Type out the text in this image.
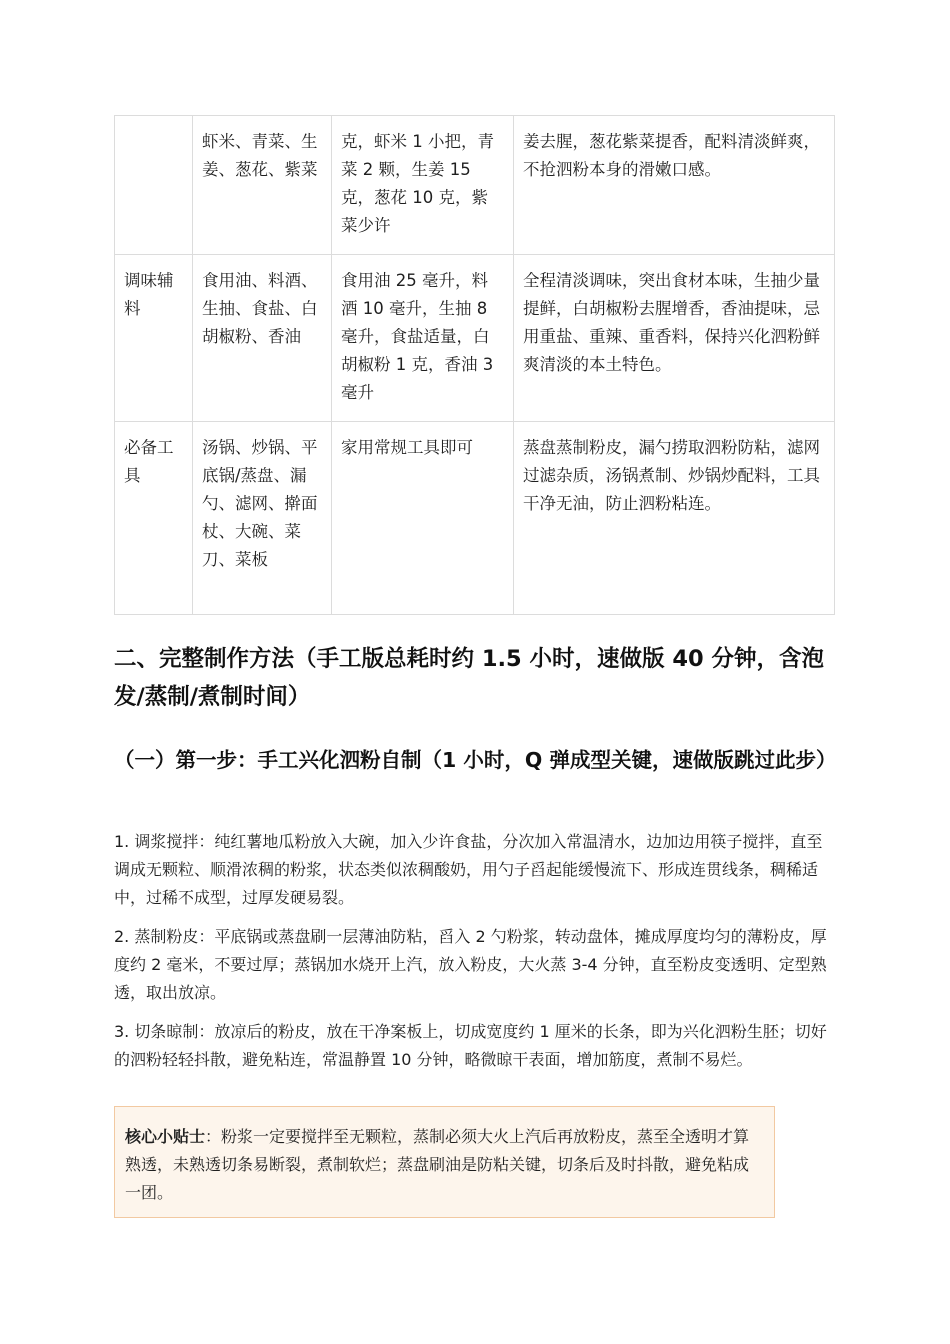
	虾米、青菜、生姜、葱花、紫菜	克，虾米 1 小把，青菜 2 颗，生姜 15 克，葱花 10 克，紫菜少许	姜去腥，葱花紫菜提香，配料清淡鲜爽，不抢泗粉本身的滑嫩口感。
调味辅料	食用油、料酒、生抽、食盐、白胡椒粉、香油	食用油 25 毫升，料酒 10 毫升，生抽 8 毫升，食盐适量，白胡椒粉 1 克，香油 3 毫升	全程清淡调味，突出食材本味，生抽少量提鲜，白胡椒粉去腥增香，香油提味，忌用重盐、重辣、重香料，保持兴化泗粉鲜爽清淡的本土特色。
必备工具	汤锅、炒锅、平底锅/蒸盘、漏勺、滤网、擀面杖、大碗、菜刀、菜板	家用常规工具即可	蒸盘蒸制粉皮，漏勺捞取泗粉防粘，滤网过滤杂质，汤锅煮制、炒锅炒配料，工具干净无油，防止泗粉粘连。
二、完整制作方法（手工版总耗时约 1.5 小时，速做版 40 分钟，含泡发/蒸制/煮制时间）
（一）第一步：手工兴化泗粉自制（1 小时，Q 弹成型关键，速做版跳过此步）

1. 调浆搅拌：纯红薯地瓜粉放入大碗，加入少许食盐，分次加入常温清水，边加边用筷子搅拌，直至调成无颗粒、顺滑浓稠的粉浆，状态类似浓稠酸奶，用勺子舀起能缓慢流下、形成连贯线条，稠稀适中，过稀不成型，过厚发硬易裂。

2. 蒸制粉皮：平底锅或蒸盘刷一层薄油防粘，舀入 2 勺粉浆，转动盘体，摊成厚度均匀的薄粉皮，厚度约 2 毫米，不要过厚；蒸锅加水烧开上汽，放入粉皮，大火蒸 3-4 分钟，直至粉皮变透明、定型熟透，取出放凉。

3. 切条晾制：放凉后的粉皮，放在干净案板上，切成宽度约 1 厘米的长条，即为兴化泗粉生胚；切好的泗粉轻轻抖散，避免粘连，常温静置 10 分钟，略微晾干表面，增加筋度，煮制不易烂。

核心小贴士：粉浆一定要搅拌至无颗粒，蒸制必须大火上汽后再放粉皮，蒸至全透明才算熟透，未熟透切条易断裂，煮制软烂；蒸盘刷油是防粘关键，切条后及时抖散，避免粘成一团。
